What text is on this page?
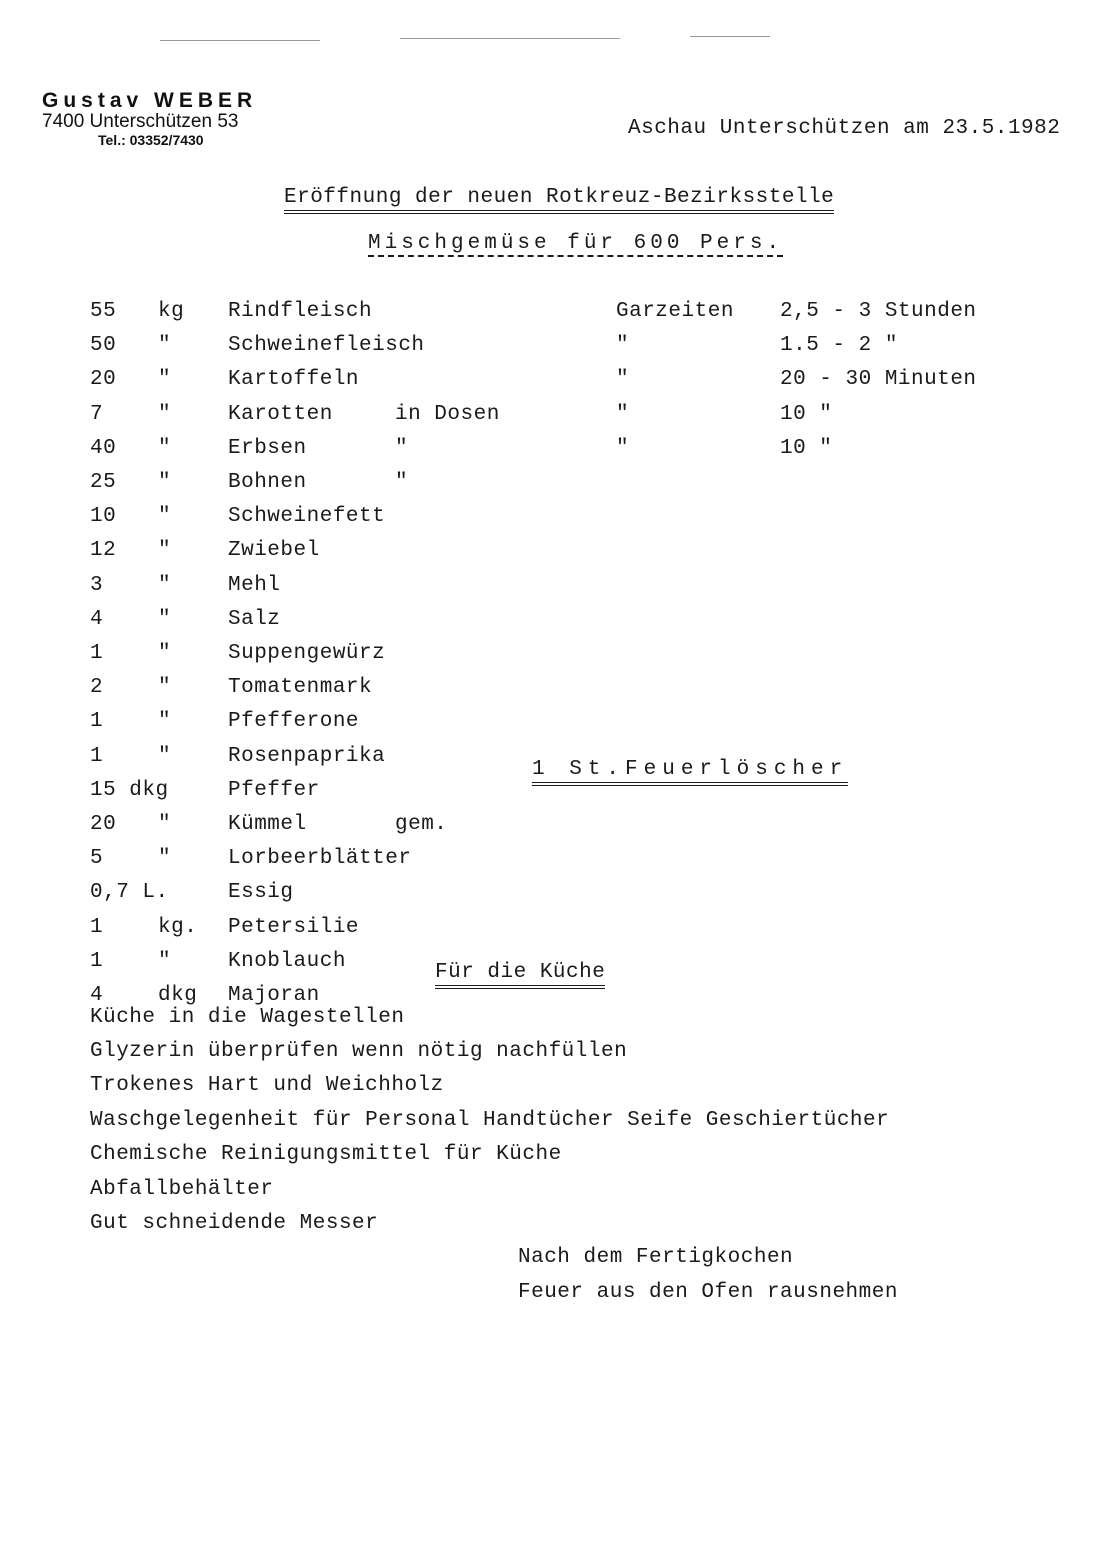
Gustav WEBER
7400 Unterschützen 53
Tel.: 03352/7430	Aschau Unterschützen am 23.5.1982
Eröffnung der neuen Rotkreuz-Bezirksstelle
Mischgemüse für 600 Pers.
55	kg	Rindfleisch	Garzeiten 2,5 - 3 Stunden
50	"	Schweinefleisch	"	1.5 - 2 "
20	"	Kartoffeln	"	20 - 30 Minuten
7	"	Karotten	in Dosen	"	10 "
40	"	Erbsen	"	"	10 "
25	"	Bohnen	"
10	"	Schweinefett
12	"	Zwiebel
3	"	Mehl
4	"	Salz
1	"	Suppengewürz
2	"	Tomatenmark
1	"	Pfefferone
1	"	Rosenpaprika
15 dkg	Pfeffer
20	"	Kümmel	gem.
5	"	Lorbeerblätter
0,7 L.	Essig
1	kg.	Petersilie
1	"	Knoblauch
4	dkg	Majoran
1 St.Feuerlöscher
Für die Küche
Küche in die Wagestellen
Glyzerin überprüfen wenn nötig nachfüllen
Trokenes Hart und Weichholz
Waschgelegenheit für Personal Handtücher Seife Geschiertücher
Chemische Reinigungsmittel für Küche
Abfallbehälter
Gut schneidende Messer
Nach dem Fertigkochen
Feuer aus den Ofen rausnehmen
